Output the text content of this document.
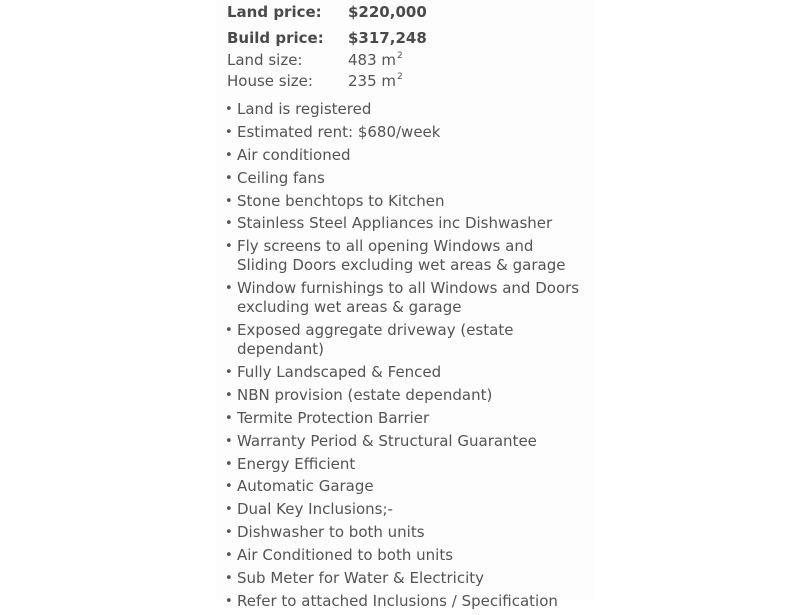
Land price: $220,000
Build price: $317,248
Land size:	483 $m^2$
House size: 235 $m^2$
• Land is registered
• Estimated rent: $680/week
• Air conditioned
• Ceiling fans
• Stone benchtops to Kitchen
• Stainless Steel Appliances inc Dishwasher
• Fly screens to all opening Windows and
Sliding Doors excluding wet areas & garage
• Window furnishings to all Windows and Doors
excluding wet areas & garage
• Exposed aggregate driveway (estate dependant)
• Fully Landscaped & Fenced
• NBN provision (estate dependant)
• Termite Protection Barrier
• Warranty Period & Structural Guarantee
• Energy Efficient
• Automatic Garage
• Dual Key Inclusions;-
• Dishwasher to both units
• Air Conditioned to both units
• Sub Meter for Water & Electricity
• Refer to attached Inclusions / Specification
